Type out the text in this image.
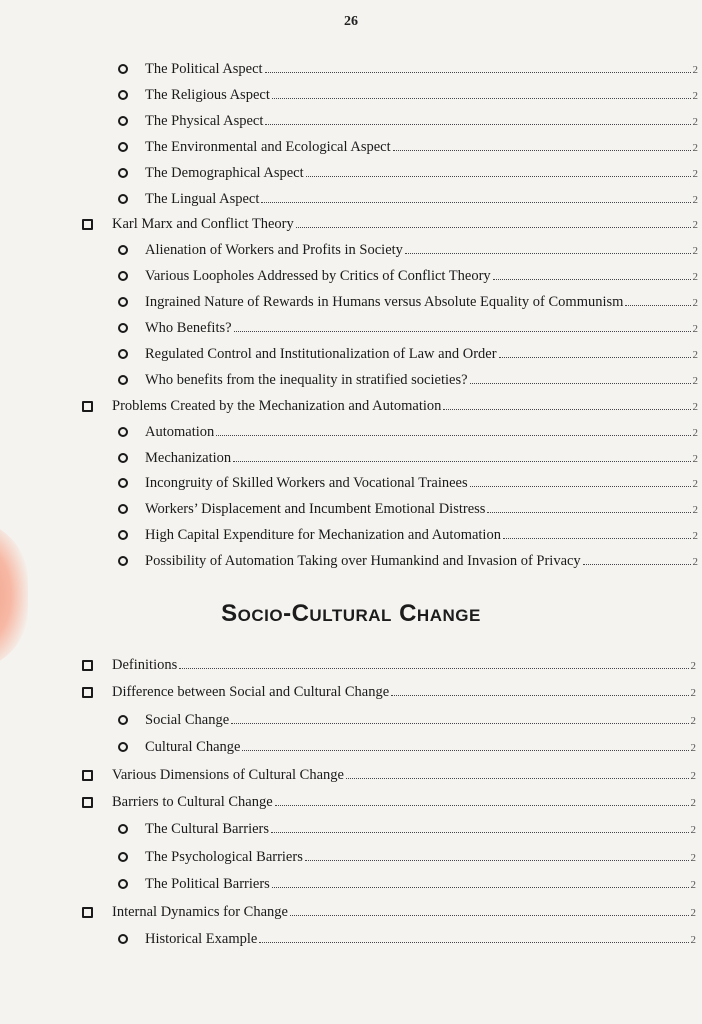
26
The Political Aspect	2
The Religious Aspect	2
The Physical Aspect	2
The Environmental and Ecological Aspect	2
The Demographical Aspect	2
The Lingual Aspect	2
Karl Marx and Conflict Theory	2
Alienation of Workers and Profits in Society	2
Various Loopholes Addressed by Critics of Conflict Theory	2
Ingrained Nature of Rewards in Humans versus Absolute Equality of Communism	2
Who Benefits?	2
Regulated Control and Institutionalization of Law and Order	2
Who benefits from the inequality in stratified societies?	2
Problems Created by the Mechanization and Automation	2
Automation	2
Mechanization	2
Incongruity of Skilled Workers and Vocational Trainees	2
Workers’ Displacement and Incumbent Emotional Distress	2
High Capital Expenditure for Mechanization and Automation	2
Possibility of Automation Taking over Humankind and Invasion of Privacy	2
Socio-Cultural Change
Definitions	2
Difference between Social and Cultural Change	2
Social Change	2
Cultural Change	2
Various Dimensions of Cultural Change	2
Barriers to Cultural Change	2
The Cultural Barriers	2
The Psychological Barriers	2
The Political Barriers	2
Internal Dynamics for Change	2
Historical Example	2
